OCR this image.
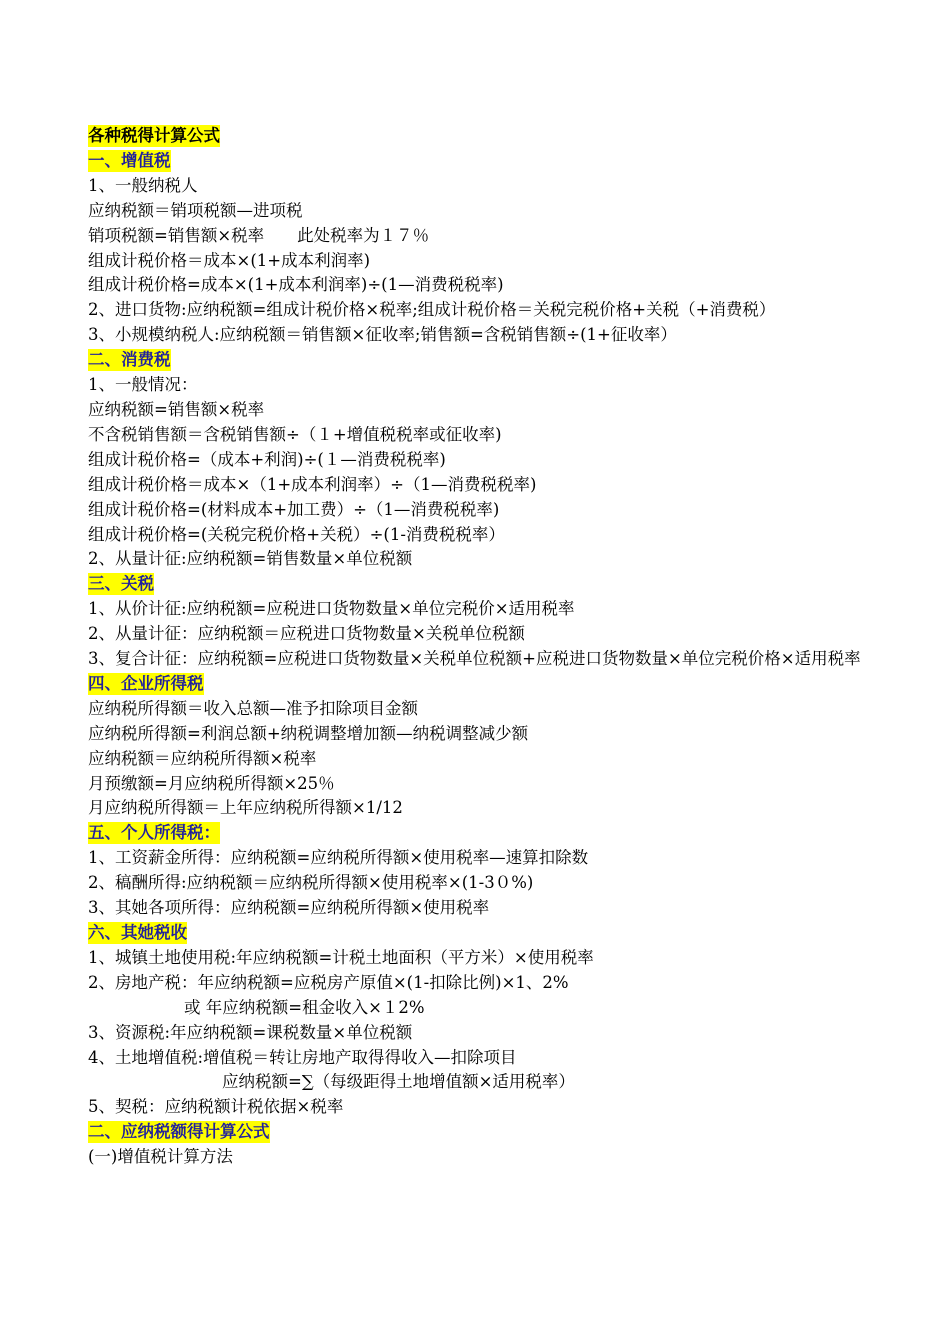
各种税得计算公式
一、增值税
1、一般纳税人
应纳税额＝销项税额—进项税
销项税额=销售额×税率　　此处税率为１７％
组成计税价格＝成本×(1+成本利润率)
组成计税价格=成本×(1+成本利润率)÷(1—消费税税率)
2、进口货物:应纳税额=组成计税价格×税率;组成计税价格＝关税完税价格+关税（+消费税）
3、小规模纳税人:应纳税额＝销售额×征收率;销售额=含税销售额÷(1+征收率）
二、消费税
1、一般情况：
应纳税额=销售额×税率
不含税销售额＝含税销售额÷（１+增值税税率或征收率)
组成计税价格=（成本+利润)÷(１—消费税税率)
组成计税价格＝成本×（1+成本利润率）÷（1—消费税税率)
组成计税价格=(材料成本+加工费）÷（1—消费税税率)
组成计税价格=(关税完税价格+关税）÷(1-消费税税率）
2、从量计征:应纳税额=销售数量×单位税额
三、关税
1、从价计征:应纳税额=应税进口货物数量×单位完税价×适用税率
2、从量计征：应纳税额＝应税进口货物数量×关税单位税额
3、复合计征：应纳税额=应税进口货物数量×关税单位税额+应税进口货物数量×单位完税价格×适用税率
四、企业所得税
应纳税所得额＝收入总额—准予扣除项目金额
应纳税所得额=利润总额+纳税调整增加额—纳税调整减少额
应纳税额＝应纳税所得额×税率
月预缴额=月应纳税所得额×25％
月应纳税所得额＝上年应纳税所得额×1/12
五、个人所得税：
1、工资薪金所得：应纳税额=应纳税所得额×使用税率—速算扣除数
2、稿酬所得:应纳税额＝应纳税所得额×使用税率×(1-3０%)
3、其她各项所得：应纳税额=应纳税所得额×使用税率
六、其她税收
1、城镇土地使用税:年应纳税额=计税土地面积（平方米）×使用税率
2、房地产税：年应纳税额=应税房产原值×(1-扣除比例)×1、2%
或 年应纳税额=租金收入×１2%
3、资源税:年应纳税额=课税数量×单位税额
4、土地增值税:增值税＝转让房地产取得得收入—扣除项目
应纳税额=∑（每级距得土地增值额×适用税率）
5、契税：应纳税额计税依据×税率
二、应纳税额得计算公式
(一)增值税计算方法
